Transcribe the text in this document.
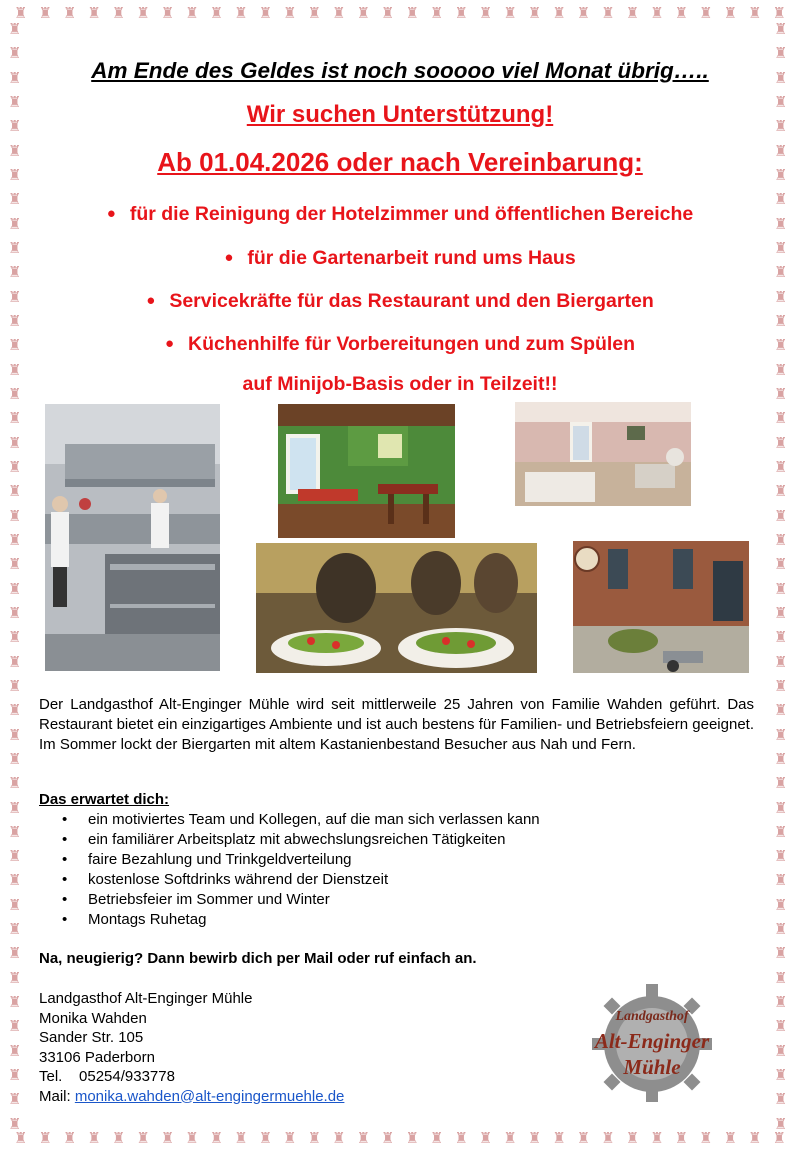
♜ ♜ ♜ ♜ ♜ ♜ ♜ ♜ ♜ ♜ ♜ ♜ ♜ ♜ ♜ ♜ ♜ ♜ ♜ ♜ ♜ ♜ ♜ ♜ ♜ ♜ ♜ ♜ ♜ ♜ ♜ ♜
♜ ♜ ♜ ♜ ♜ ♜ ♜ ♜ ♜ ♜ ♜ ♜ ♜ ♜ ♜ ♜ ♜ ♜ ♜ ♜ ♜ ♜ ♜ ♜ ♜ ♜ ♜ ♜ ♜ ♜ ♜ ♜
♜
♜
♜
♜
♜
♜
♜
♜
♜
♜
♜
♜
♜
♜
♜
♜
♜
♜
♜
♜
♜
♜
♜
♜
♜
♜
♜
♜
♜
♜
♜
♜
♜
♜
♜
♜
♜
♜
♜
♜
♜
♜
♜
♜
♜
♜
♜
♜
♜
♜
♜
♜
♜
♜
♜
♜
♜
♜
♜
♜
♜
♜
♜
♜
♜
♜
♜
♜
♜
♜
♜
♜
♜
♜
♜
♜
♜
♜
♜
♜
♜
♜
♜
♜
♜
♜
♜
♜
♜
♜
♜
♜
Am Ende des Geldes ist noch sooooo viel Monat übrig…..
Wir suchen Unterstützung!
Ab 01.04.2026 oder nach Vereinbarung:
● für die Reinigung der Hotelzimmer und öffentlichen Bereiche
● für die Gartenarbeit rund ums Haus
● Servicekräfte für das Restaurant und den Biergarten
● Küchenhilfe für Vorbereitungen und zum Spülen
auf Minijob-Basis oder in Teilzeit!!
Der Landgasthof Alt-Enginger Mühle wird seit mittlerweile 25 Jahren von Familie Wahden geführt. Das Restaurant bietet ein einzigartiges Ambiente und ist auch bestens für Familien- und Betriebsfeiern geeignet. Im Sommer lockt der Biergarten mit altem Kastanienbestand Besucher aus Nah und Fern.
Das erwartet dich:
• ein motiviertes Team und Kollegen, auf die man sich verlassen kann
• ein familiärer Arbeitsplatz mit abwechslungsreichen Tätigkeiten
• faire Bezahlung und Trinkgeldverteilung
• kostenlose Softdrinks während der Dienstzeit
• Betriebsfeier im Sommer und Winter
• Montags Ruhetag
Na, neugierig? Dann bewirb dich per Mail oder ruf einfach an.
Landgasthof Alt-Enginger Mühle
Monika Wahden
Sander Str. 105
33106 Paderborn
Tel. 05254/933778
Mail: monika.wahden@alt-engingermuehle.de
Landgasthof
Alt-Enginger
Mühle
